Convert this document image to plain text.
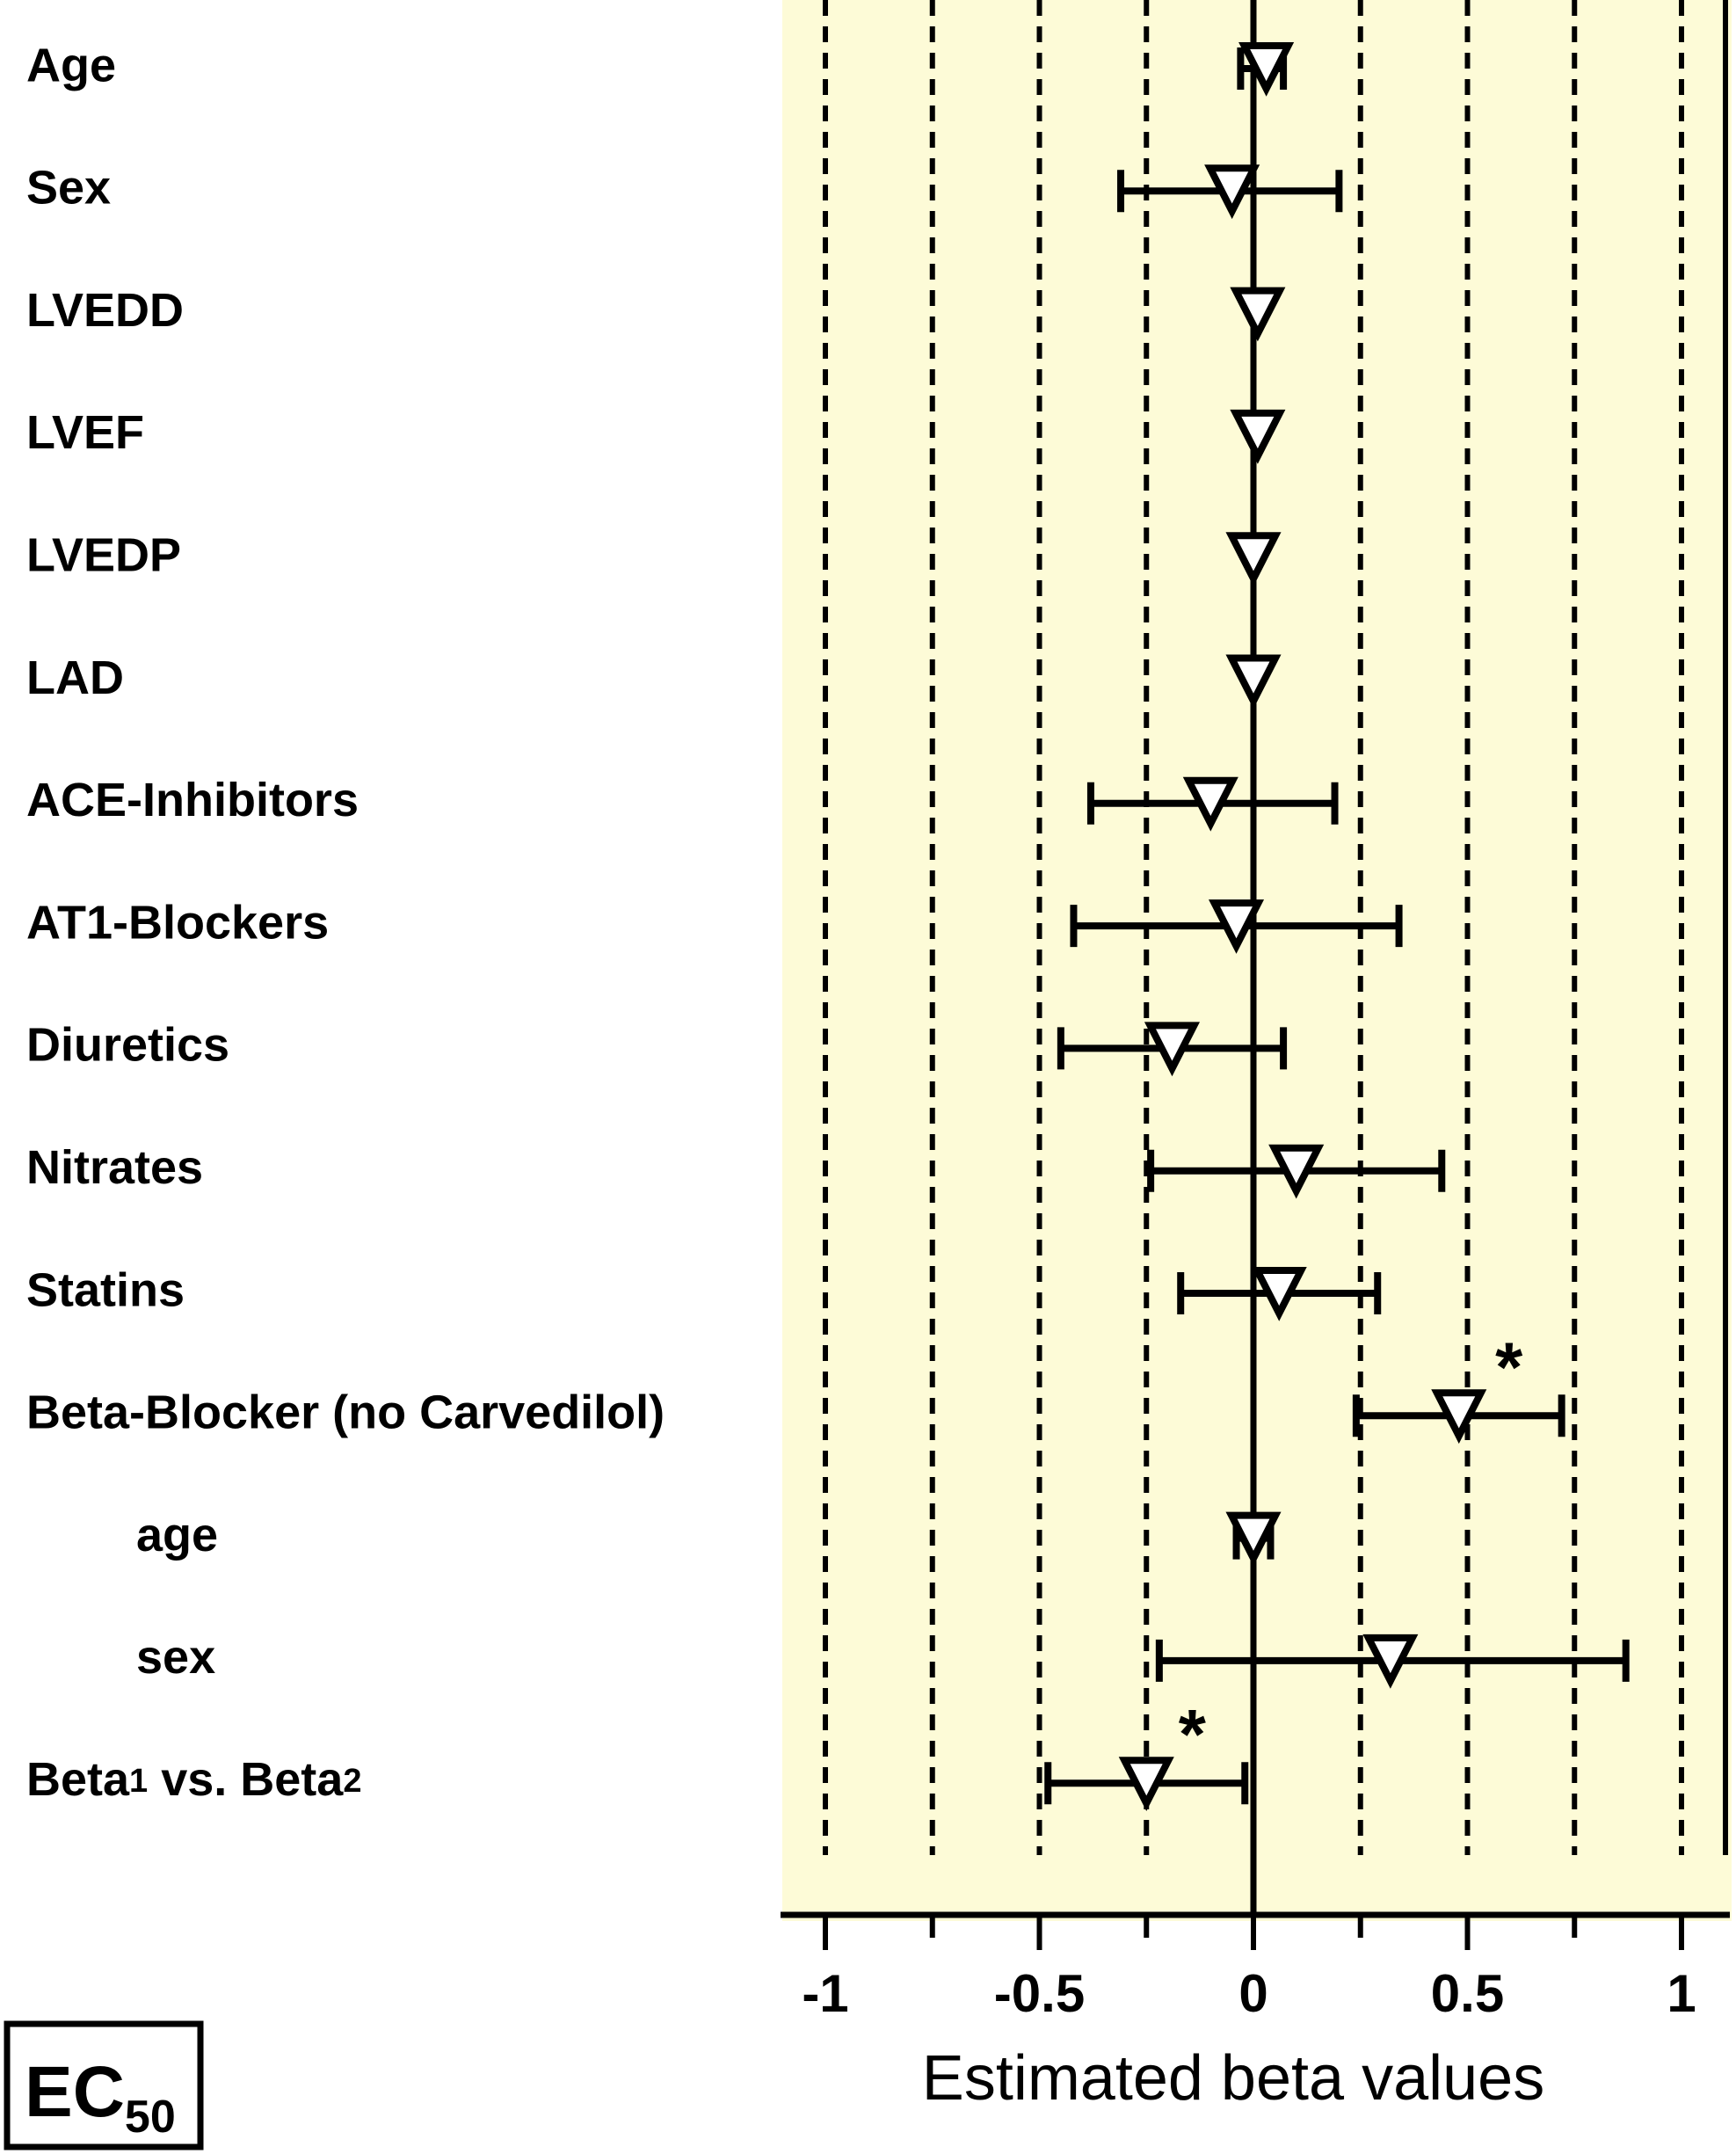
-1	-0.5	0	0.5	1
Age
Sex
LVEDD
LVEF
LVEDP
LAD
ACE-Inhibitors
AT1-Blockers
Diuretics
Nitrates
Statins
Beta-Blocker (no Carvedilol)
age
sex
Beta1 vs. Beta2
*
*
Estimated beta values
$EC_{50}$
